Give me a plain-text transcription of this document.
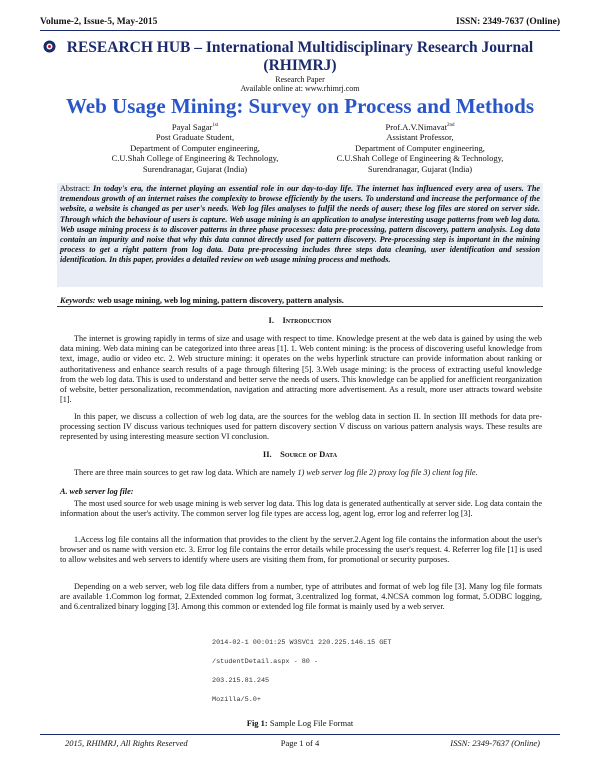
Volume-2, Issue-5, May-2015	ISSN: 2349-7637 (Online)
RESEARCH HUB – International Multidisciplinary Research Journal (RHIMRJ)
Research Paper
Available online at: www.rhimrj.com
Web Usage Mining: Survey on Process and Methods
Payal Sagar$^{1st}$
Post Graduate Student,
Department of Computer engineering,
C.U.Shah College of Engineering & Technology,
Surendranagar, Gujarat (India)
Prof.A.V.Nimavat$^{2nd}$
Assistant Professor,
Department of Computer engineering,
C.U.Shah College of Engineering & Technology,
Surendranagar, Gujarat (India)
Abstract: In today's era, the internet playing an essential role in our day-to-day life. The internet has influenced every area of users. The tremendous growth of an internet raises the complexity to browse efficiently by the users. To understand and increase the performance of the website, a website is changed as per user's needs. Web log files analyses to fulfil the needs of auser; these log files are stored on server side. Through which the behaviour of users is capture. Web usage mining is an application to analyse interesting usage patterns from web log data. Web usage mining process is to discover patterns in three phase processes: data pre-processing, pattern discovery, pattern analysis. Log data contain an impurity and noise that why this data cannot directly used for pattern discovery. Pre-processing step is important in the mining process to get a right pattern from log data. Data pre-processing includes three steps data cleaning, user identification and session identification. In this paper, provides a detailed review on web usage mining process and methods.
Keywords: web usage mining, web log mining, pattern discovery, pattern analysis.
I. Introduction
The internet is growing rapidly in terms of size and usage with respect to time. Knowledge present at the web data is gained by using the web data mining. Web data mining can be categorized into three areas [1]. 1. Web content mining: is the process of discovering useful knowledge from text, image, audio or video etc. 2. Web structure mining: it operates on the webs hyperlink structure can provide information about ranking or authoritativeness and enhance search results of a page through filtering [5]. 3.Web usage mining: is the process of extracting useful knowledge from the web log data. This is used to understand and better serve the needs of users. This knowledge can be applied for anefficient reorganization of website, better personalization, recommendation, navigation and attracting more advertisement. As a result, more user attracts toward website [1].
In this paper, we discuss a collection of web log data, are the sources for the weblog data in section II. In section III methods for data pre-processing section IV discuss various techniques used for pattern discovery section V discuss on various pattern analysis ways. These results are represented by using interesting measure section VI conclusion.
II. Source of Data
There are three main sources to get raw log data. Which are namely 1) web server log file 2) proxy log file 3) client log file.
A. web server log file:
The most used source for web usage mining is web server log data. This log data is generated authentically at server side. Log data contain the information about the user's activity. The common server log file types are access log, agent log, error log and referrer log [3].
1.Access log file contains all the information that provides to the client by the server.2.Agent log file contains the information about the user's browser and os name with version etc. 3. Error log file contains the error details while processing the user's request. 4. Referrer log file [1] is used to allow websites and web servers to identify where users are visiting them from, for promotional or security purposes.
Depending on a web server, web log file data differs from a number, type of attributes and format of web log file [3]. Many log file formats are available 1.Common log format, 2.Extended common log format, 3.centralized log format, 4.NCSA common log format, 5.ODBC logging, and 6.centralized binary logging [3]. Among this common or extended log file format is mainly used by a web server.
2014-02-1 00:01:25 W3SVC1 220.225.146.15 GET /studentDetail.aspx - 80 -
203.215.81.245
Mozilla/5.0+
Fig 1: Sample Log File Format
2015, RHIMRJ, All Rights Reserved	Page 1 of 4	ISSN: 2349-7637 (Online)
